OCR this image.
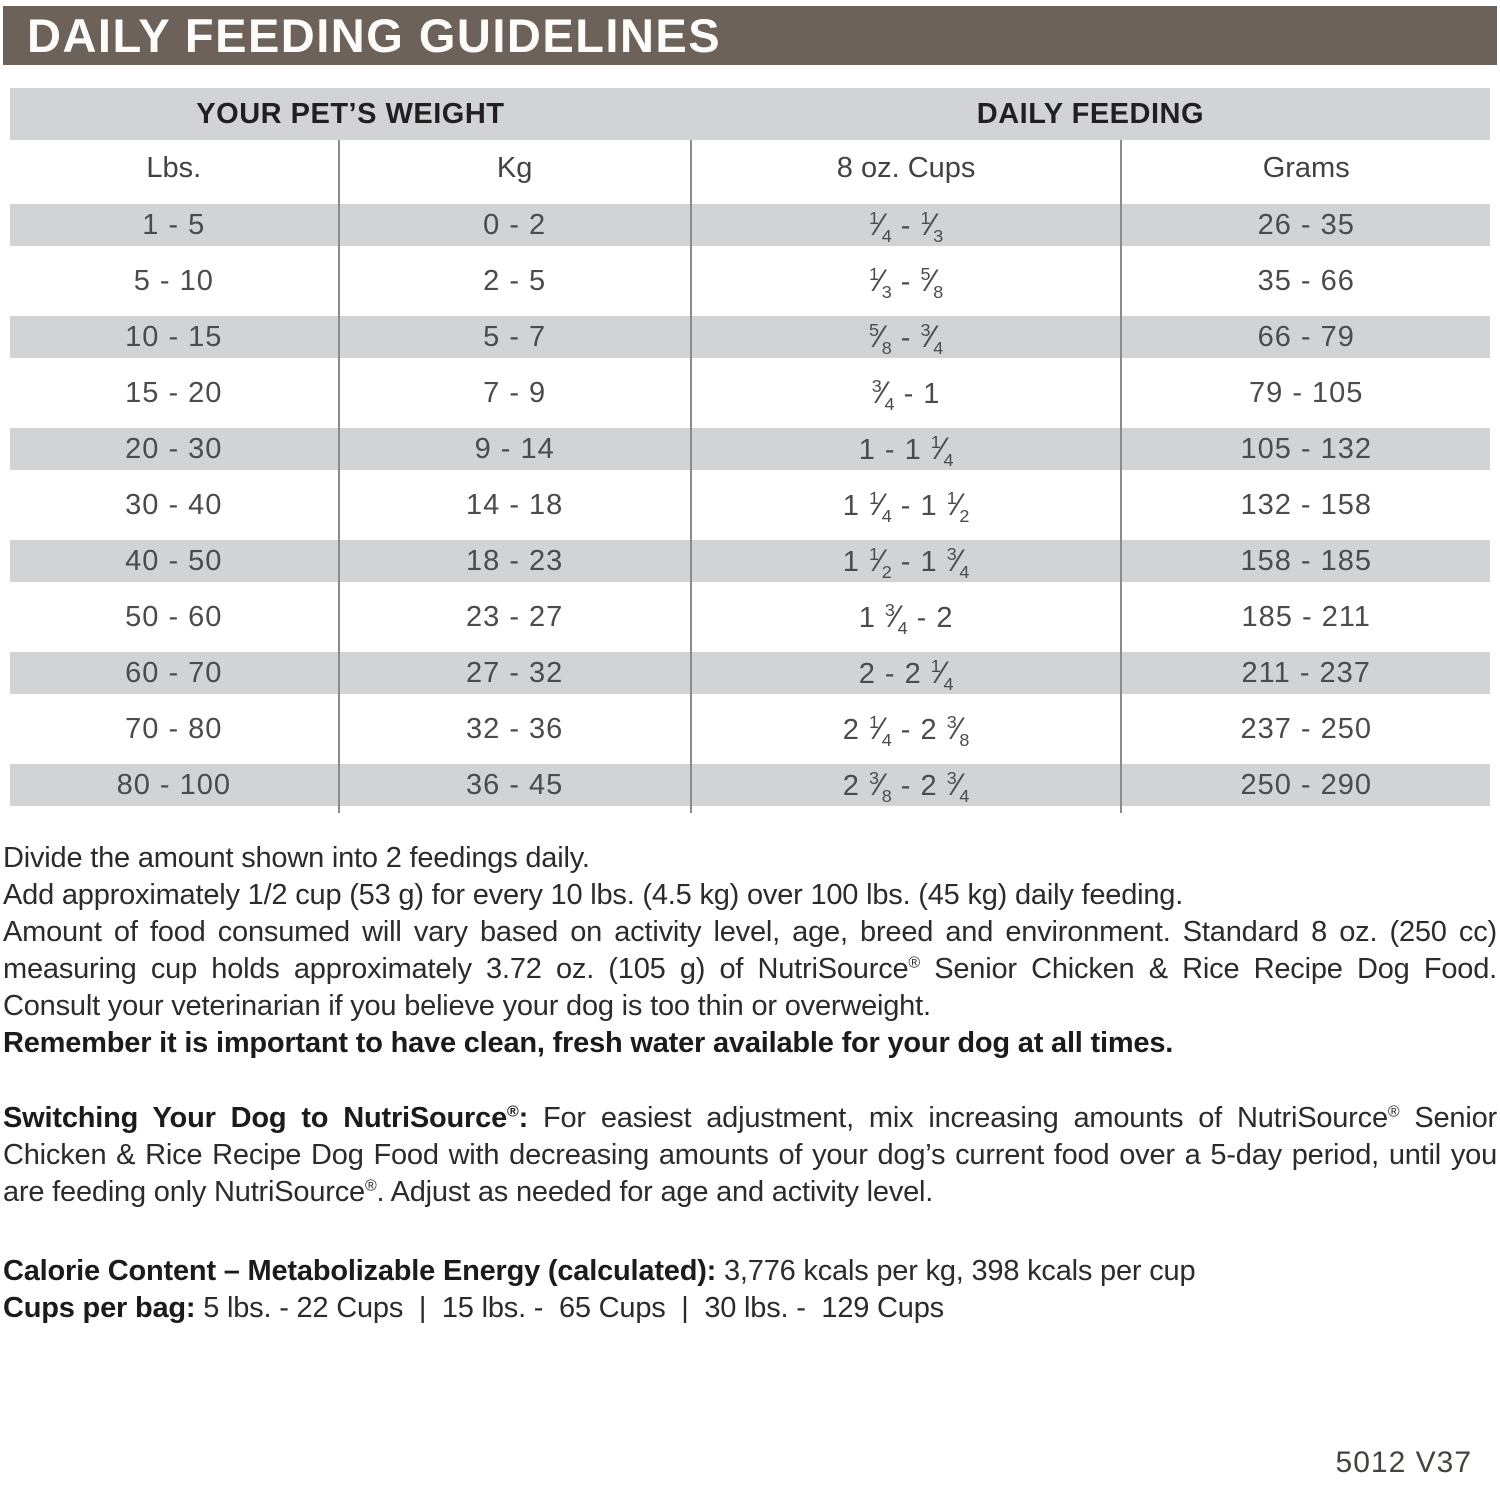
DAILY FEEDING GUIDELINES
YOUR PET’S WEIGHT		DAILY FEEDING	
Lbs.	Kg	8 oz. Cups	Grams
1 - 5	0 - 2	$^1⁄_4$ - $^1⁄_3$	26 - 35
5 - 10	2 - 5	$^1⁄_3$ - $^5⁄_8$	35 - 66
10 - 15	5 - 7	$^5⁄_8$ - $^3⁄_4$	66 - 79
15 - 20	7 - 9	$^3⁄_4 - 1$	79 - 105
20 - 30	9 - 14	1 - 1 $^1⁄_4$	105 - 132
30 - 40	14 - 18	1 $^1⁄_4 - 1$ $^1⁄_2$	132 - 158
40 - 50	18 - 23	1 $^1⁄_2 - 1$ $^3⁄_4$	158 - 185
50 - 60	23 - 27	1 $^3⁄_4 - 2$	185 - 211
60 - 70	27 - 32	2 - 2 $^1⁄_4$	211 - 237
70 - 80	32 - 36	2 $^1⁄_4 - 2$ $^3⁄_8$	237 - 250
80 - 100	36 - 45	2 $^3⁄_8 - 2$ $^3⁄_4$	250 - 290

Divide the amount shown into 2 feedings daily.

Add approximately 1/2 cup (53 g) for every 10 lbs. (4.5 kg) over 100 lbs. (45 kg) daily feeding.

Amount of food consumed will vary based on activity level, age, breed and environment. Standard 8 oz. (250 cc) measuring cup holds approximately 3.72 oz. (105 g) of NutriSource® Senior Chicken & Rice Recipe Dog Food. Consult your veterinarian if you believe your dog is too thin or overweight.

Remember it is important to have clean, fresh water available for your dog at all times.

Switching Your Dog to NutriSource®: For easiest adjustment, mix increasing amounts of NutriSource® Senior Chicken & Rice Recipe Dog Food with decreasing amounts of your dog’s current food over a 5-day period, until you are feeding only NutriSource®. Adjust as needed for age and activity level.

Calorie Content – Metabolizable Energy (calculated): 3,776 kcals per kg, 398 kcals per cup

Cups per bag: 5 lbs. - 22 Cups  |  15 lbs. -  65 Cups  |  30 lbs. -  129 Cups

5012 V37
